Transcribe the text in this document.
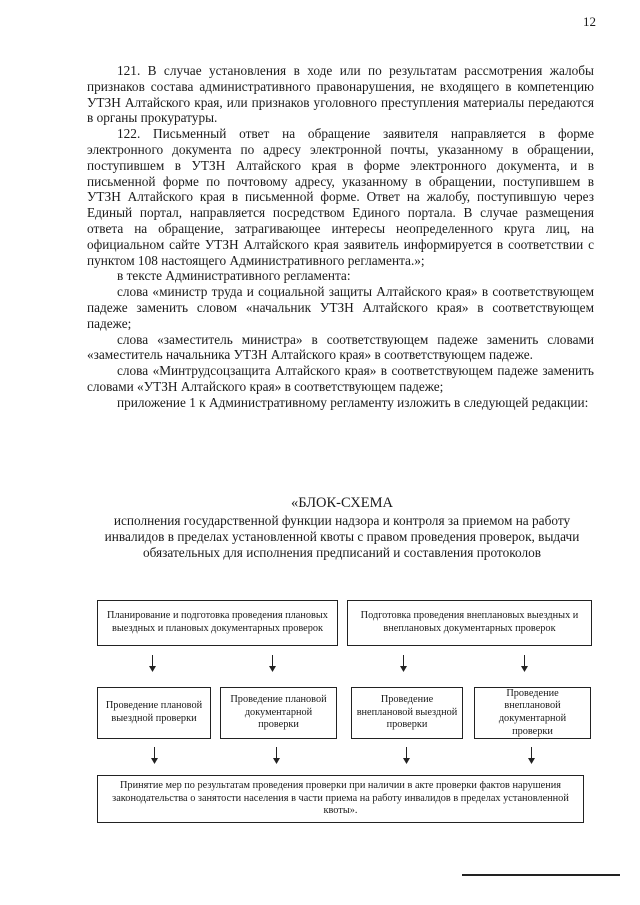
12

121. В случае установления в ходе или по результатам рассмотрения жалобы признаков состава административного правонарушения, не входящего в компетенцию УТЗН Алтайского края, или признаков уголовного преступления материалы передаются в органы прокуратуры.

122. Письменный ответ на обращение заявителя направляется в форме электронного документа по адресу электронной почты, указанному в обращении, поступившем в УТЗН Алтайского края в форме электронного документа, и в письменной форме по почтовому адресу, указанному в обращении, поступившем в УТЗН Алтайского края в письменной форме. Ответ на жалобу, поступившую через Единый портал, направляется посредством Единого портала. В случае размещения ответа на обращение, затрагивающее интересы неопределенного круга лиц, на официальном сайте УТЗН Алтайского края заявитель информируется в соответствии с пунктом 108 настоящего Административного регламента.»;

в тексте Административного регламента:

слова «министр труда и социальной защиты Алтайского края» в соответствующем падеже заменить словом «начальник УТЗН Алтайского края» в соответствующем падеже;

слова «заместитель министра» в соответствующем падеже заменить словами «заместитель начальника УТЗН Алтайского края» в соответствующем падеже.

слова «Минтрудсоцзащита Алтайского края» в соответствующем падеже заменить словами «УТЗН Алтайского края» в соответствующем падеже;

приложение 1 к Административному регламенту изложить в следующей редакции:

«БЛОК-СХЕМА
исполнения государственной функции надзора и контроля за приемом на работу инвалидов в пределах установленной квоты с правом проведения проверок, выдачи обязательных для исполнения предписаний и составления протоколов
Планирование и подготовка проведения плановых выездных и плановых документарных проверок
Подготовка проведения внеплановых выездных и внеплановых документарных проверок
Проведение плановой выездной проверки
Проведение плановой документарной проверки
Проведение внеплановой выездной проверки
Проведение внеплановой документарной проверки
Принятие мер по результатам проведения проверки при наличии в акте проверки фактов нарушения законодательства о занятости населения в части приема на работу инвалидов в пределах установленной квоты».
